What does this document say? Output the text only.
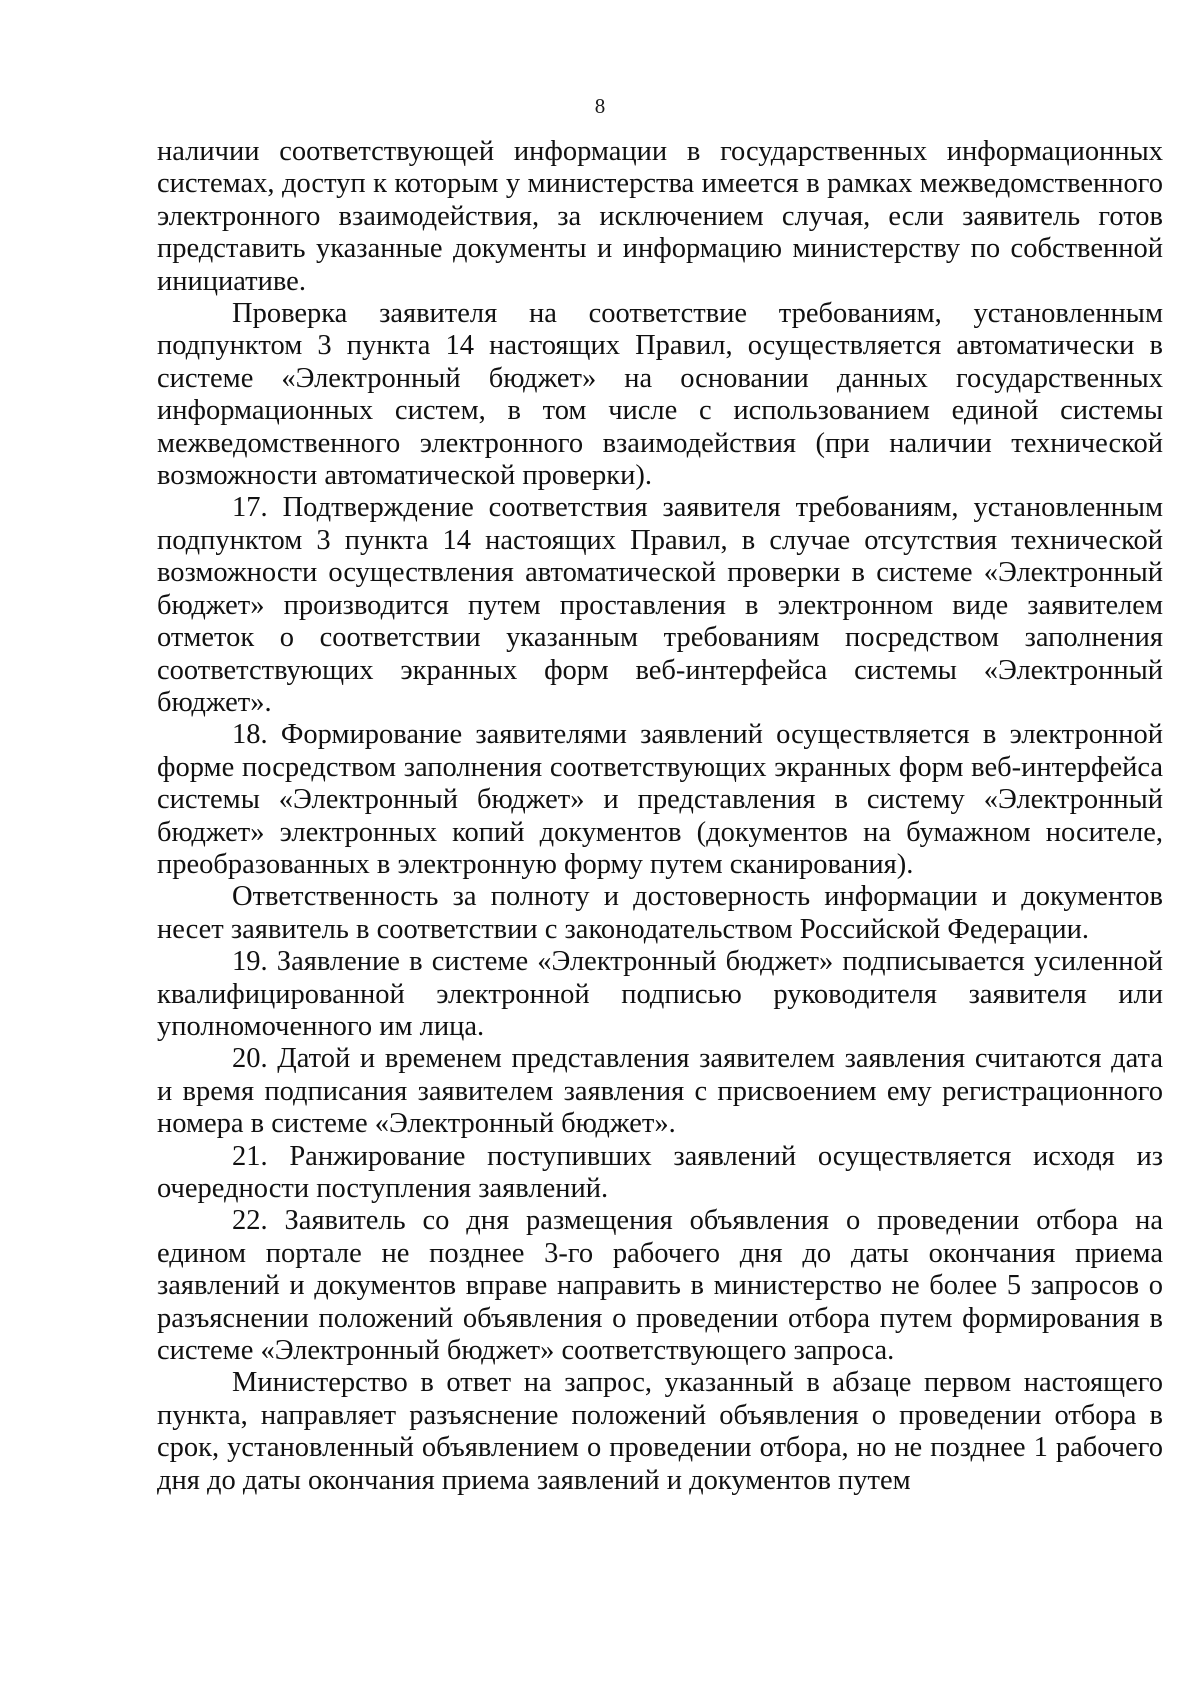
8

наличии соответствующей информации в государственных информационных системах, доступ к которым у министерства имеется в рамках межведомственного электронного взаимодействия, за исключением случая, если заявитель готов представить указанные документы и информацию министерству по собственной инициативе.

Проверка заявителя на соответствие требованиям, установленным подпунктом 3 пункта 14 настоящих Правил, осуществляется автоматически в системе «Электронный бюджет» на основании данных государственных информационных систем, в том числе с использованием единой системы межведомственного электронного взаимодействия (при наличии технической возможности автоматической проверки).

17. Подтверждение соответствия заявителя требованиям, установленным подпунктом 3 пункта 14 настоящих Правил, в случае отсутствия технической возможности осуществления автоматической проверки в системе «Электронный бюджет» производится путем проставления в электронном виде заявителем отметок о соответствии указанным требованиям посредством заполнения соответствующих экранных форм веб-интерфейса системы «Электронный бюджет».

18. Формирование заявителями заявлений осуществляется в электронной форме посредством заполнения соответствующих экранных форм веб-интерфейса системы «Электронный бюджет» и представления в систему «Электронный бюджет» электронных копий документов (документов на бумажном носителе, преобразованных в электронную форму путем сканирования).

Ответственность за полноту и достоверность информации и документов несет заявитель в соответствии с законодательством Российской Федерации.

19. Заявление в системе «Электронный бюджет» подписывается усиленной квалифицированной электронной подписью руководителя заявителя или уполномоченного им лица.

20. Датой и временем представления заявителем заявления считаются дата и время подписания заявителем заявления с присвоением ему регистрационного номера в системе «Электронный бюджет».

21. Ранжирование поступивших заявлений осуществляется исходя из очередности поступления заявлений.

22. Заявитель со дня размещения объявления о проведении отбора на едином портале не позднее 3-го рабочего дня до даты окончания приема заявлений и документов вправе направить в министерство не более 5 запросов о разъяснении положений объявления о проведении отбора путем формирования в системе «Электронный бюджет» соответствующего запроса.

Министерство в ответ на запрос, указанный в абзаце первом настоящего пункта, направляет разъяснение положений объявления о проведении отбора в срок, установленный объявлением о проведении отбора, но не позднее 1 рабочего дня до даты окончания приема заявлений и документов путем
